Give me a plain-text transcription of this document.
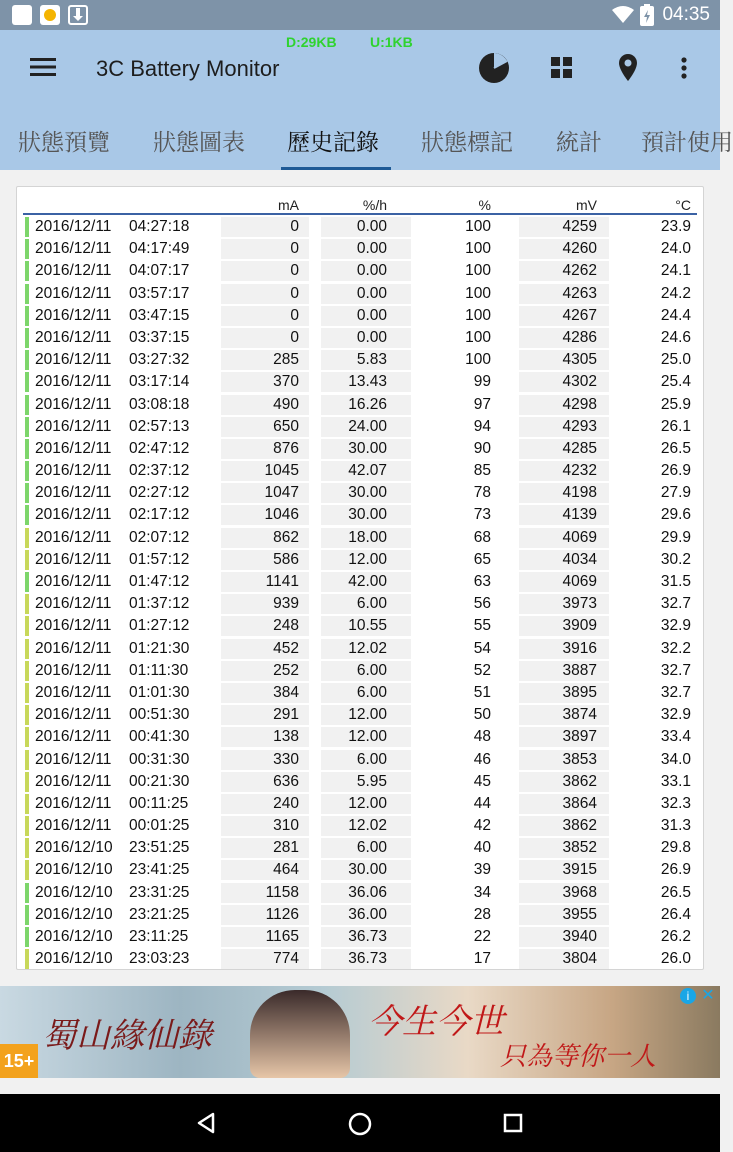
04:35
D:29KB U:1KB
3C Battery Monitor
狀態預覽 狀態圖表 歷史記錄 狀態標記 統計 預計使用
mA	%/h	%	mV	°C
2016/12/11 04:27:18	0	0.00	100	4259	23.9
2016/12/11 04:17:49	0	0.00	100	4260	24.0
2016/12/11 04:07:17	0	0.00	100	4262	24.1
2016/12/11 03:57:17	0	0.00	100	4263	24.2
2016/12/11 03:47:15	0	0.00	100	4267	24.4
2016/12/11 03:37:15	0	0.00	100	4286	24.6
2016/12/11 03:27:32	285	5.83	100	4305	25.0
2016/12/11 03:17:14	370	13.43	99	4302	25.4
2016/12/11 03:08:18	490	16.26	97	4298	25.9
2016/12/11 02:57:13	650	24.00	94	4293	26.1
2016/12/11 02:47:12	876	30.00	90	4285	26.5
2016/12/11 02:37:12	1045	42.07	85	4232	26.9
2016/12/11 02:27:12	1047	30.00	78	4198	27.9
2016/12/11 02:17:12	1046	30.00	73	4139	29.6
2016/12/11 02:07:12	862	18.00	68	4069	29.9
2016/12/11 01:57:12	586	12.00	65	4034	30.2
2016/12/11 01:47:12	1141	42.00	63	4069	31.5
2016/12/11 01:37:12	939	6.00	56	3973	32.7
2016/12/11 01:27:12	248	10.55	55	3909	32.9
2016/12/11 01:21:30	452	12.02	54	3916	32.2
2016/12/11 01:11:30	252	6.00	52	3887	32.7
2016/12/11 01:01:30	384	6.00	51	3895	32.7
2016/12/11 00:51:30	291	12.00	50	3874	32.9
2016/12/11 00:41:30	138	12.00	48	3897	33.4
2016/12/11 00:31:30	330	6.00	46	3853	34.0
2016/12/11 00:21:30	636	5.95	45	3862	33.1
2016/12/11 00:11:25	240	12.00	44	3864	32.3
2016/12/11 00:01:25	310	12.02	42	3862	31.3
2016/12/10 23:51:25	281	6.00	40	3852	29.8
2016/12/10 23:41:25	464	30.00	39	3915	26.9
2016/12/10 23:31:25	1158	36.06	34	3968	26.5
2016/12/10 23:21:25	1126	36.00	28	3955	26.4
2016/12/10 23:11:25	1165	36.73	22	3940	26.2
2016/12/10 23:03:23	774	36.73	17	3804	26.0
15+
蜀山緣仙錄	今生今世
只為等你一人
i ✕
